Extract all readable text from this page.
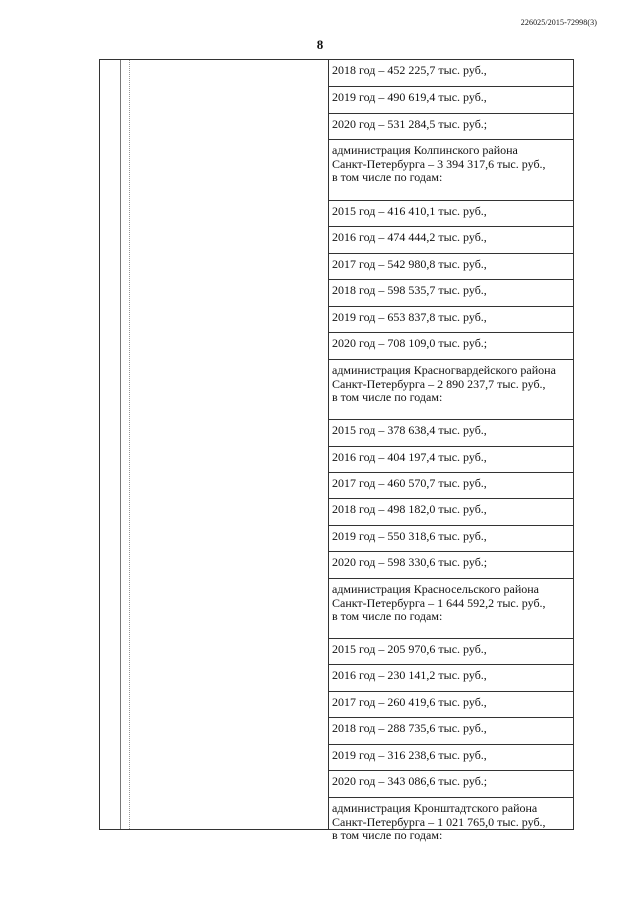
226025/2015-72998(3)
8
2018 год – 452 225,7 тыс. руб.,
2019 год – 490 619,4 тыс. руб.,
2020 год – 531 284,5 тыс. руб.;
администрация Колпинского района
Санкт-Петербурга – 3 394 317,6 тыс. руб.,
в том числе по годам:
2015 год – 416 410,1 тыс. руб.,
2016 год – 474 444,2 тыс. руб.,
2017 год – 542 980,8 тыс. руб.,
2018 год – 598 535,7 тыс. руб.,
2019 год – 653 837,8 тыс. руб.,
2020 год – 708 109,0 тыс. руб.;
администрация Красногвардейского района
Санкт-Петербурга – 2 890 237,7 тыс. руб.,
в том числе по годам:
2015 год – 378 638,4 тыс. руб.,
2016 год – 404 197,4 тыс. руб.,
2017 год – 460 570,7 тыс. руб.,
2018 год – 498 182,0 тыс. руб.,
2019 год – 550 318,6 тыс. руб.,
2020 год – 598 330,6 тыс. руб.;
администрация Красносельского района
Санкт-Петербурга – 1 644 592,2 тыс. руб.,
в том числе по годам:
2015 год – 205 970,6 тыс. руб.,
2016 год – 230 141,2 тыс. руб.,
2017 год – 260 419,6 тыс. руб.,
2018 год – 288 735,6 тыс. руб.,
2019 год – 316 238,6 тыс. руб.,
2020 год – 343 086,6 тыс. руб.;
администрация Кронштадтского района
Санкт-Петербурга – 1 021 765,0 тыс. руб.,
в том числе по годам:
